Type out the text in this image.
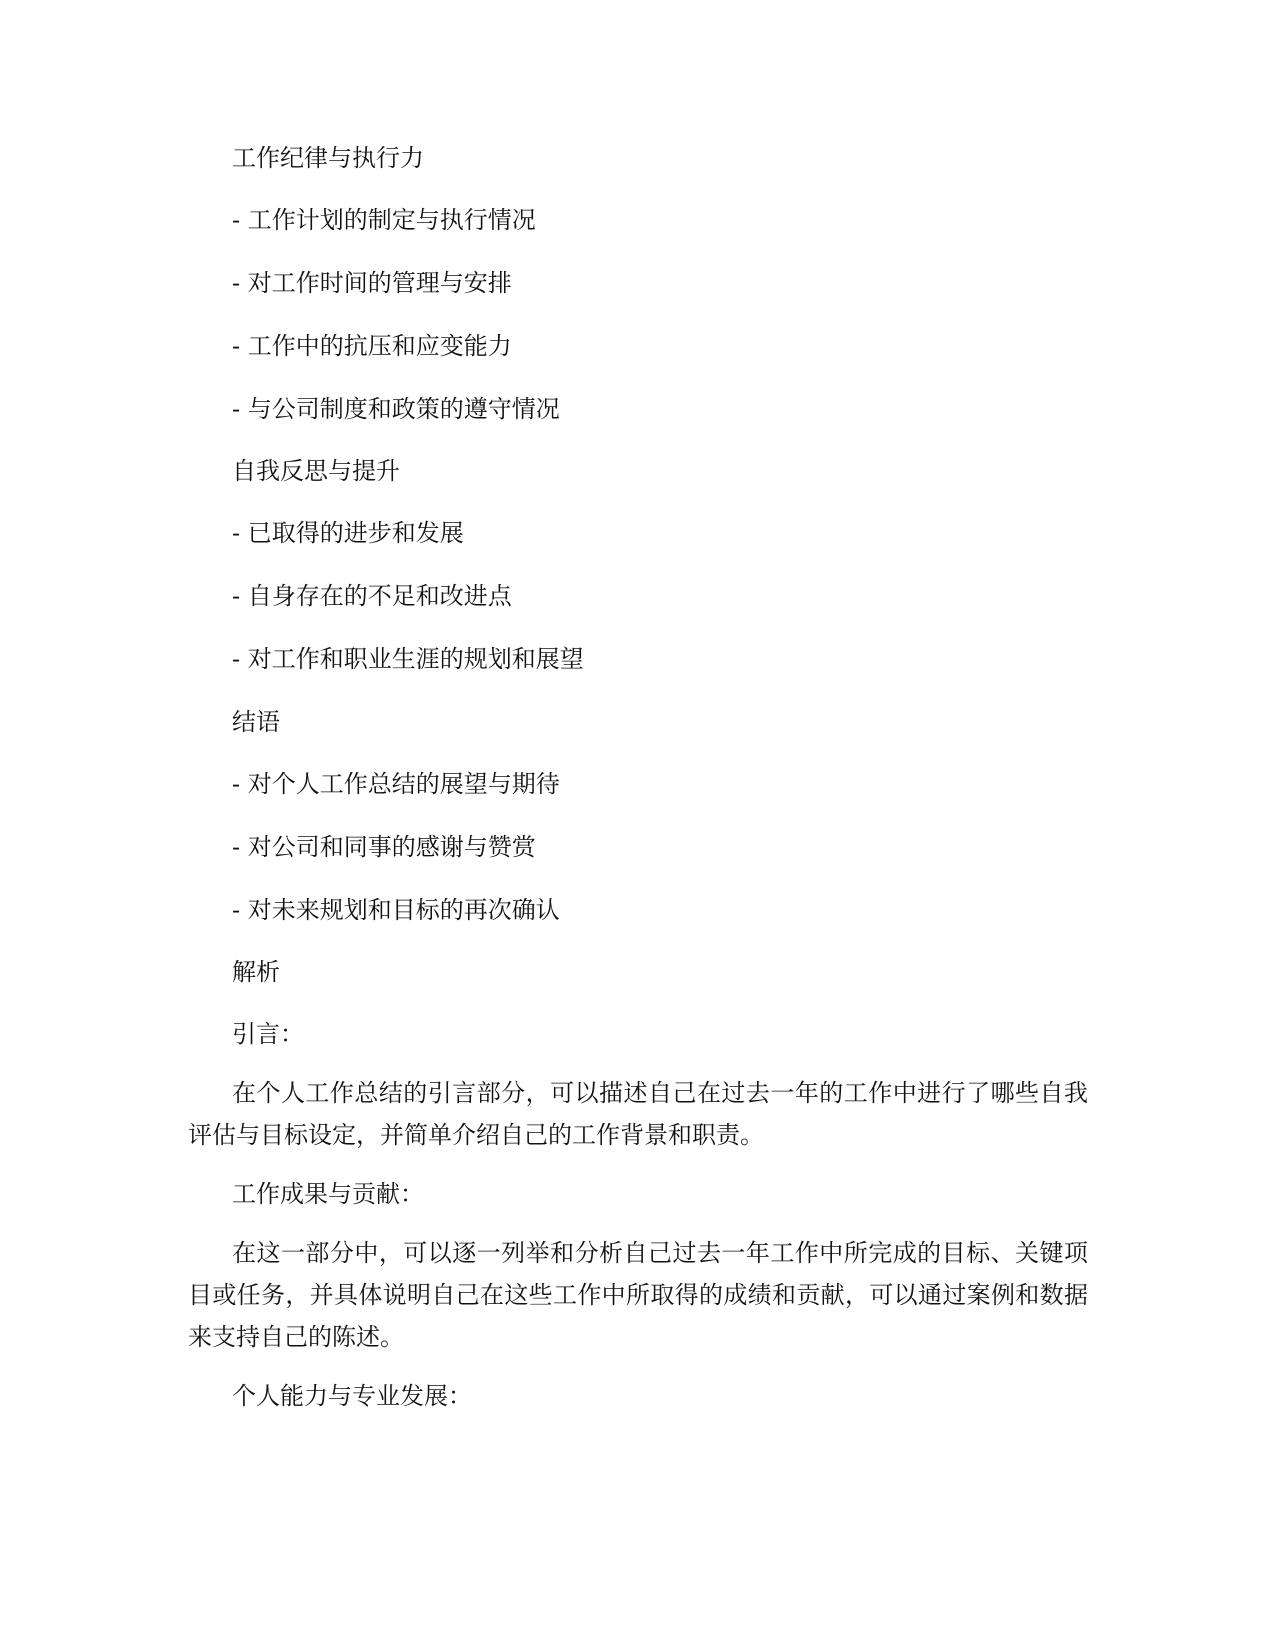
工作纪律与执行力

- 工作计划的制定与执行情况

- 对工作时间的管理与安排

- 工作中的抗压和应变能力

- 与公司制度和政策的遵守情况

自我反思与提升

- 已取得的进步和发展

- 自身存在的不足和改进点

- 对工作和职业生涯的规划和展望

结语

- 对个人工作总结的展望与期待

- 对公司和同事的感谢与赞赏

- 对未来规划和目标的再次确认

解析

引言：

在个人工作总结的引言部分，可以描述自己在过去一年的工作中进行了哪些自我评估与目标设定，并简单介绍自己的工作背景和职责。

工作成果与贡献：

在这一部分中，可以逐一列举和分析自己过去一年工作中所完成的目标、关键项目或任务，并具体说明自己在这些工作中所取得的成绩和贡献，可以通过案例和数据来支持自己的陈述。

个人能力与专业发展：
